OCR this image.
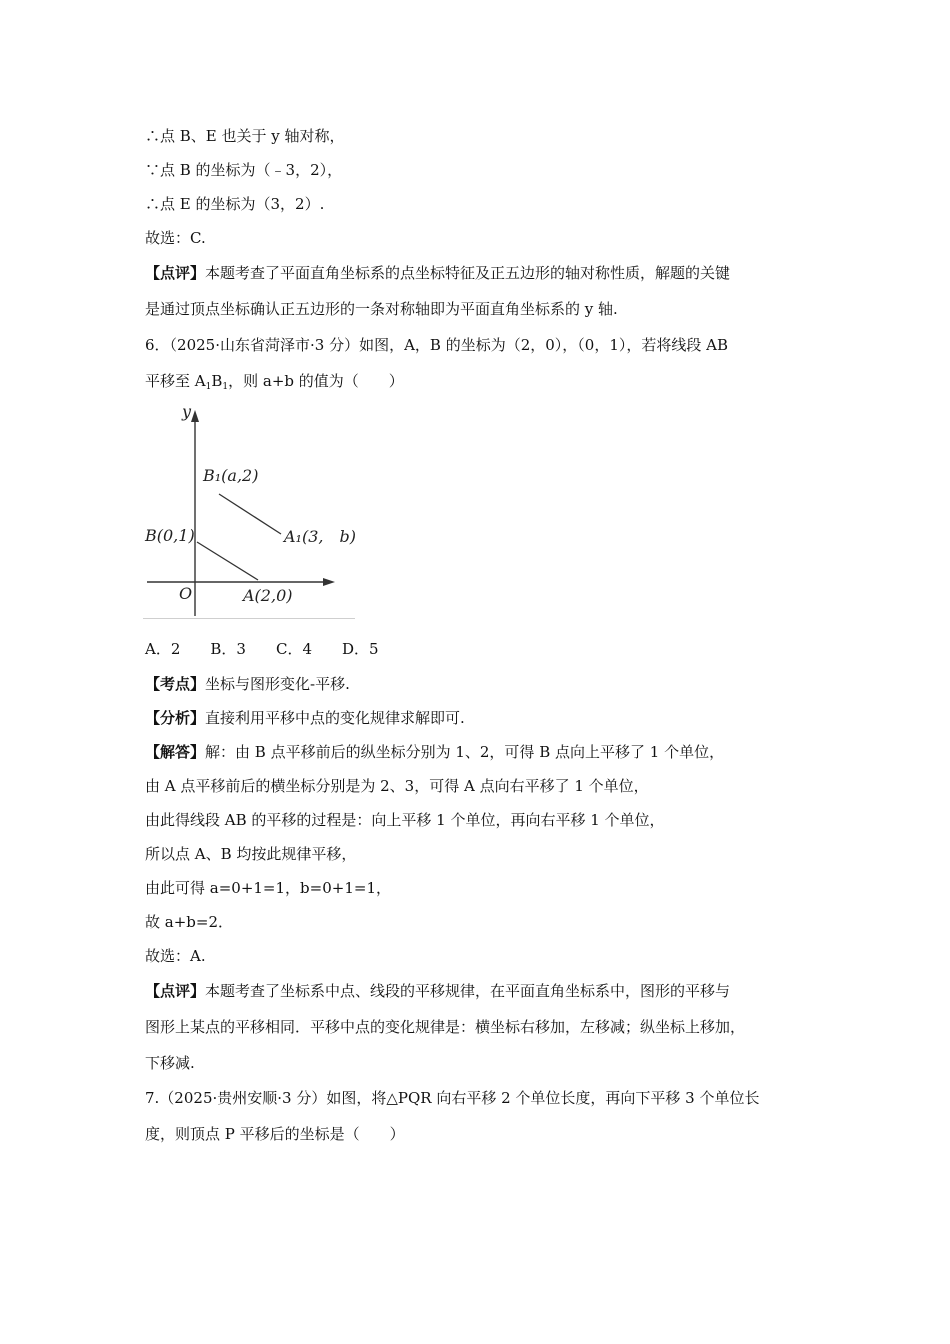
∴点 B、E 也关于 y 轴对称，
∵点 B 的坐标为（﹣3，2），
∴点 E 的坐标为（3，2）.
故选：C.
【点评】本题考查了平面直角坐标系的点坐标特征及正五边形的轴对称性质，解题的关键
是通过顶点坐标确认正五边形的一条对称轴即为平面直角坐标系的 y 轴.
6．（2025·山东省菏泽市·3 分）如图，A，B 的坐标为（2，0），（0，1），若将线段 AB
平移至 $A_1B_1$，则 a+b 的值为（　　）
y
B₁(a,2)
A₁(3,　b)
B(0,1)
O	A(2,0)
A．2 B．3 C．4 D．5
【考点】坐标与图形变化-平移.
【分析】直接利用平移中点的变化规律求解即可.
【解答】解：由 B 点平移前后的纵坐标分别为 1、2，可得 B 点向上平移了 1 个单位，
由 A 点平移前后的横坐标分别是为 2、3，可得 A 点向右平移了 1 个单位，
由此得线段 AB 的平移的过程是：向上平移 1 个单位，再向右平移 1 个单位，
所以点 A、B 均按此规律平移，
由此可得 a=0+1=1，b=0+1=1，
故 a+b=2．
故选：A.
【点评】本题考查了坐标系中点、线段的平移规律，在平面直角坐标系中，图形的平移与
图形上某点的平移相同．平移中点的变化规律是：横坐标右移加，左移减；纵坐标上移加，
下移减.
7.（2025·贵州安顺·3 分）如图，将△PQR 向右平移 2 个单位长度，再向下平移 3 个单位长
度，则顶点 P 平移后的坐标是（　　）
